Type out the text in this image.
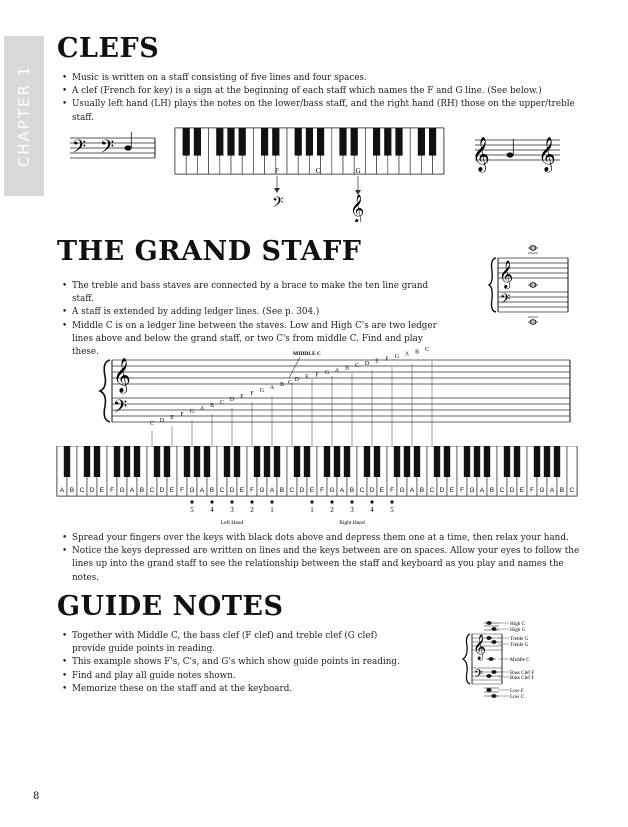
CHAPTER 1
CLEFS
• Music is written on a staff consisting of five lines and four spaces.
• A clef (French for key) is a sign at the beginning of each staff which names the F and G line. (See below.)
• Usually left hand (LH) plays the notes on the lower/bass staff, and the right hand (RH) those on the upper/treble staff.
𝄢 𝄢	𝄞 𝄞
F	C	G
𝄢	𝄞
THE GRAND STAFF
• The treble and bass staves are connected by a brace to make the ten line grand staff.
• A staff is extended by adding ledger lines. (See p. 304.)
• Middle C is on a ledger line between the staves. Low and High C's are two ledger lines above and below the grand staff, or two C's from middle C. Find and play these.
𝄞
𝄢
𝄞
𝄢
MIDDLE C
C D E F G A B C D E F G A B C D E F G A B C D E F G A B C
A B C D E F G A B C D E F G A B C D E F G A B C D E F G A B C D E F G A B C D E F G A B C D E F G A B C
5 4 3 2 1	1 2 3 4 5
Left Hand	Right Hand
• Spread your fingers over the keys with black dots above and depress them one at a time, then relax your hand.
• Notice the keys depressed are written on lines and the keys between are on spaces. Allow your eyes to follow the lines up into the grand staff to see the relationship between the staff and keyboard as you play and names the notes.
GUIDE NOTES
• Together with Middle C, the bass clef (F clef) and treble clef (G clef) provide guide points in reading.
• This example shows F's, C's, and G's which show guide points in reading.
• Find and play all guide notes shown.
• Memorize these on the staff and at the keyboard.
𝄞
𝄢
High C
High G
Treble G
Treble G
Middle C
Bass Clef F
Bass Clef F
Low F
Low C
8
